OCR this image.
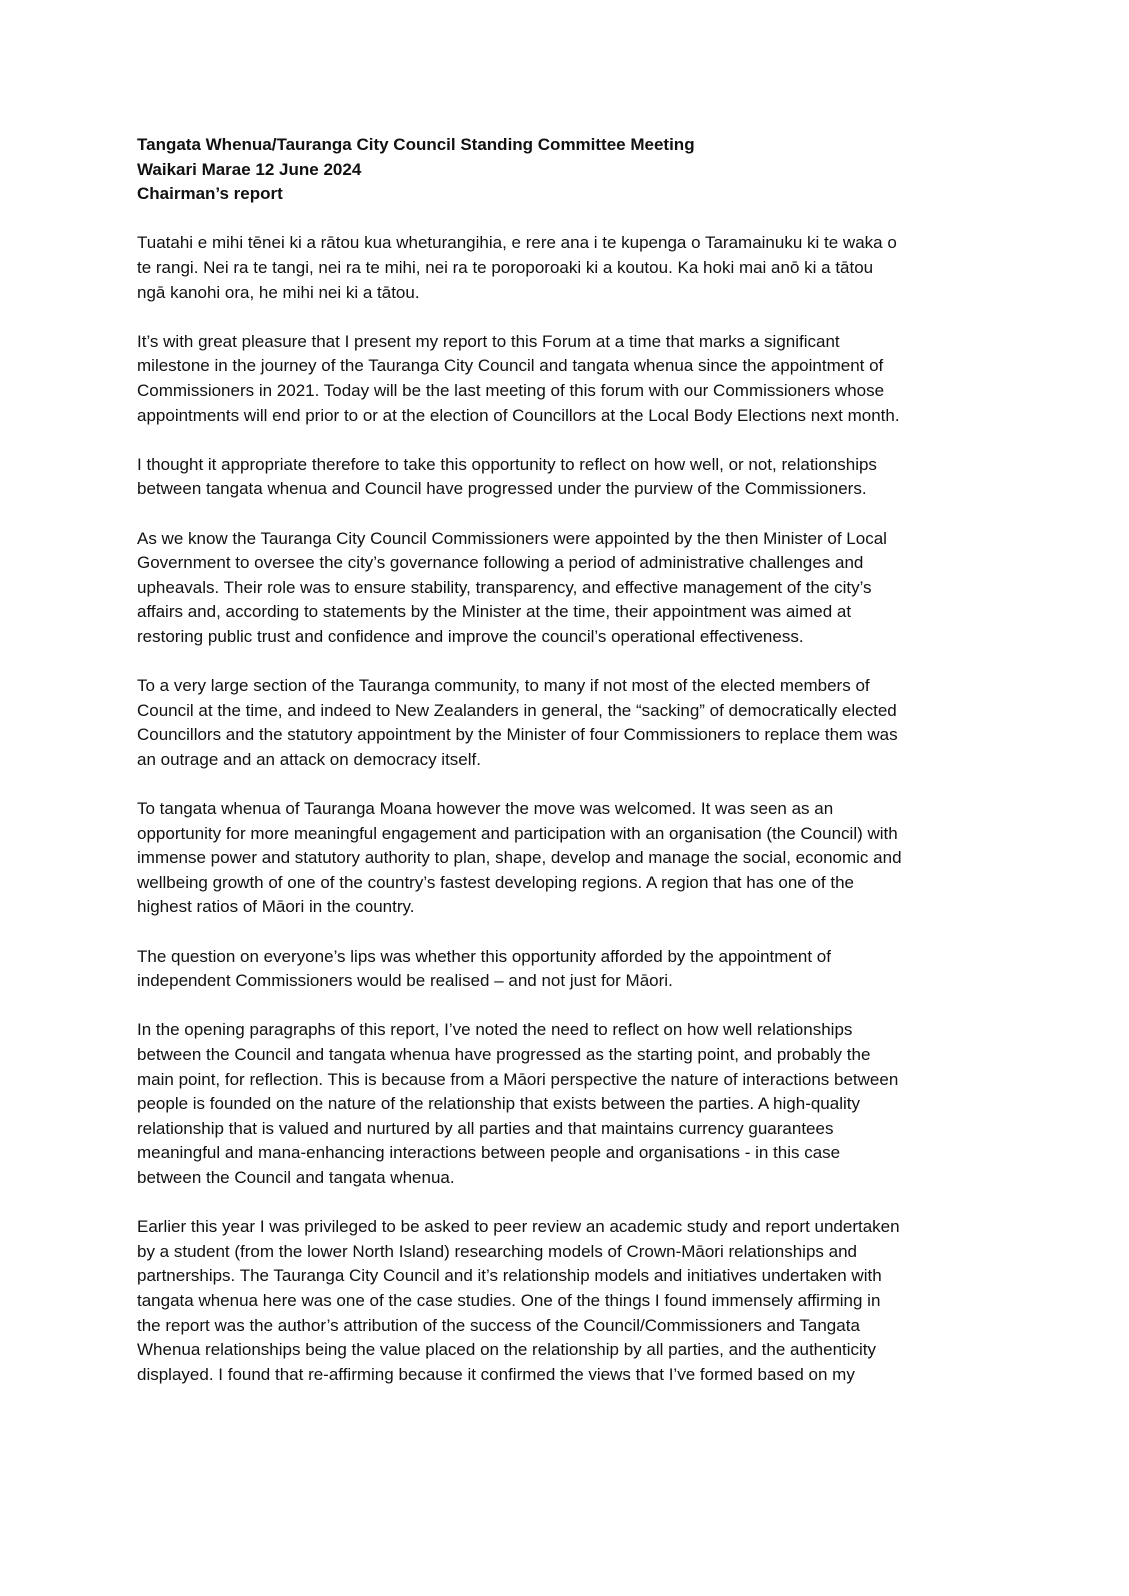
Tangata Whenua/Tauranga City Council Standing Committee Meeting
Waikari Marae 12 June 2024
Chairman’s report
Tuatahi e mihi tēnei ki a rātou kua wheturangihia, e rere ana i te kupenga o Taramainuku ki te waka o
te rangi. Nei ra te tangi, nei ra te mihi, nei ra te poroporoaki ki a koutou. Ka hoki mai anō ki a tātou
ngā kanohi ora, he mihi nei ki a tātou.
It’s with great pleasure that I present my report to this Forum at a time that marks a significant
milestone in the journey of the Tauranga City Council and tangata whenua since the appointment of
Commissioners in 2021. Today will be the last meeting of this forum with our Commissioners whose
appointments will end prior to or at the election of Councillors at the Local Body Elections next month.
I thought it appropriate therefore to take this opportunity to reflect on how well, or not, relationships
between tangata whenua and Council have progressed under the purview of the Commissioners.
As we know the Tauranga City Council Commissioners were appointed by the then Minister of Local
Government to oversee the city’s governance following a period of administrative challenges and
upheavals. Their role was to ensure stability, transparency, and effective management of the city’s
affairs and, according to statements by the Minister at the time, their appointment was aimed at
restoring public trust and confidence and improve the council’s operational effectiveness.
To a very large section of the Tauranga community, to many if not most of the elected members of
Council at the time, and indeed to New Zealanders in general, the “sacking” of democratically elected
Councillors and the statutory appointment by the Minister of four Commissioners to replace them was
an outrage and an attack on democracy itself.
To tangata whenua of Tauranga Moana however the move was welcomed. It was seen as an
opportunity for more meaningful engagement and participation with an organisation (the Council) with
immense power and statutory authority to plan, shape, develop and manage the social, economic and
wellbeing growth of one of the country’s fastest developing regions. A region that has one of the
highest ratios of Māori in the country.
The question on everyone’s lips was whether this opportunity afforded by the appointment of
independent Commissioners would be realised – and not just for Māori.
In the opening paragraphs of this report, I’ve noted the need to reflect on how well relationships
between the Council and tangata whenua have progressed as the starting point, and probably the
main point, for reflection. This is because from a Māori perspective the nature of interactions between
people is founded on the nature of the relationship that exists between the parties. A high-quality
relationship that is valued and nurtured by all parties and that maintains currency guarantees
meaningful and mana-enhancing interactions between people and organisations - in this case
between the Council and tangata whenua.
Earlier this year I was privileged to be asked to peer review an academic study and report undertaken
by a student (from the lower North Island) researching models of Crown-Māori relationships and
partnerships. The Tauranga City Council and it’s relationship models and initiatives undertaken with
tangata whenua here was one of the case studies. One of the things I found immensely affirming in
the report was the author’s attribution of the success of the Council/Commissioners and Tangata
Whenua relationships being the value placed on the relationship by all parties, and the authenticity
displayed. I found that re-affirming because it confirmed the views that I’ve formed based on my
